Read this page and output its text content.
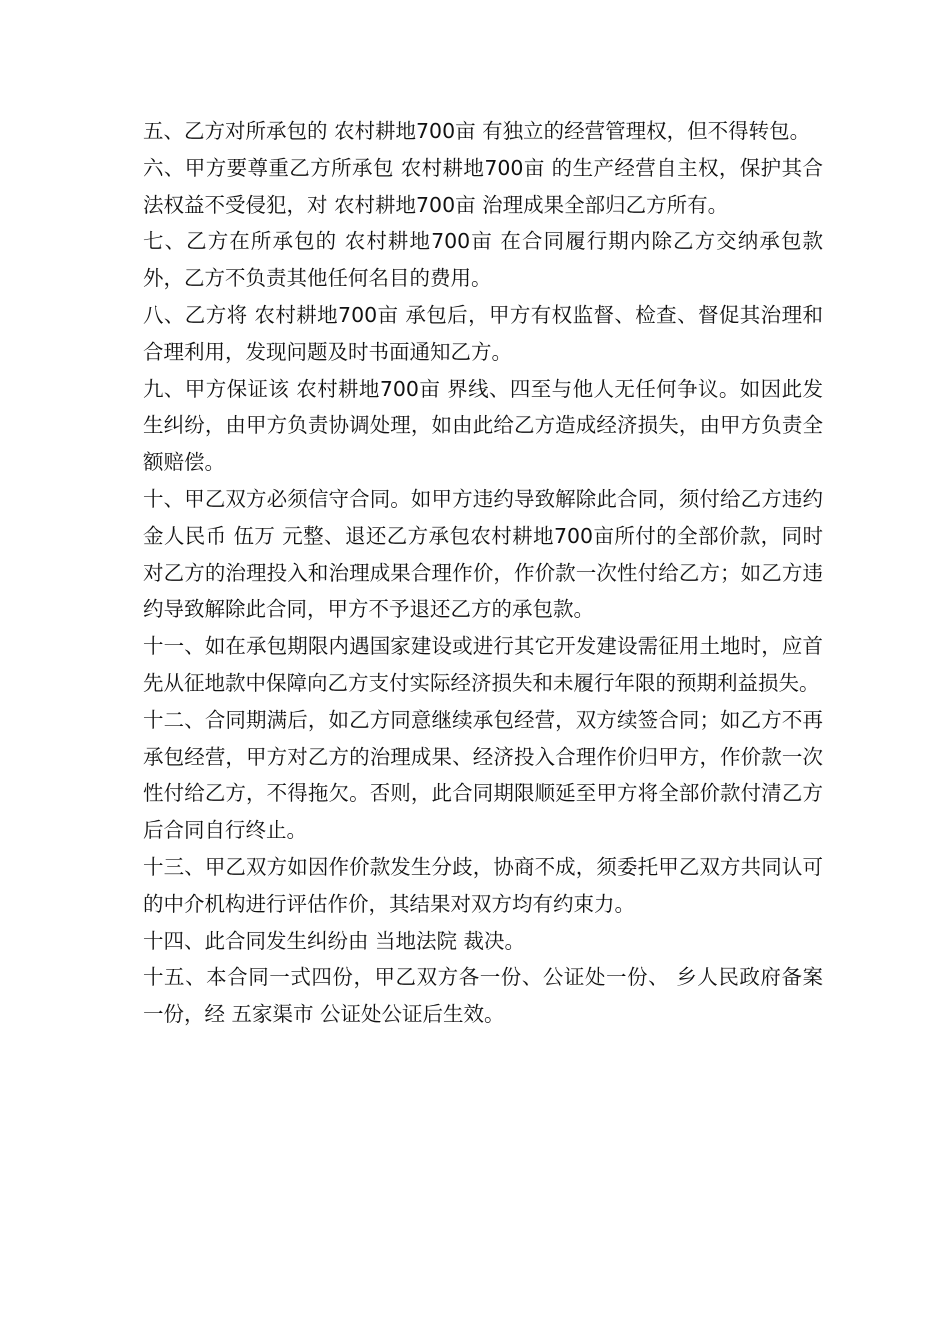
五、乙方对所承包的 农村耕地700亩 有独立的经营管理权，但不得转包。

六、甲方要尊重乙方所承包 农村耕地700亩 的生产经营自主权，保护其合法权益不受侵犯，对 农村耕地700亩 治理成果全部归乙方所有。

七、乙方在所承包的 农村耕地700亩 在合同履行期内除乙方交纳承包款外，乙方不负责其他任何名目的费用。

八、乙方将 农村耕地700亩 承包后，甲方有权监督、检查、督促其治理和合理利用，发现问题及时书面通知乙方。

九、甲方保证该 农村耕地700亩 界线、四至与他人无任何争议。如因此发生纠纷，由甲方负责协调处理，如由此给乙方造成经济损失，由甲方负责全额赔偿。

十、甲乙双方必须信守合同。如甲方违约导致解除此合同，须付给乙方违约金人民币 伍万 元整、退还乙方承包农村耕地700亩所付的全部价款，同时对乙方的治理投入和治理成果合理作价，作价款一次性付给乙方；如乙方违约导致解除此合同，甲方不予退还乙方的承包款。

十一、如在承包期限内遇国家建设或进行其它开发建设需征用土地时，应首先从征地款中保障向乙方支付实际经济损失和未履行年限的预期利益损失。

十二、合同期满后，如乙方同意继续承包经营，双方续签合同；如乙方不再承包经营，甲方对乙方的治理成果、经济投入合理作价归甲方，作价款一次性付给乙方，不得拖欠。否则，此合同期限顺延至甲方将全部价款付清乙方后合同自行终止。

十三、甲乙双方如因作价款发生分歧，协商不成，须委托甲乙双方共同认可的中介机构进行评估作价，其结果对双方均有约束力。

十四、此合同发生纠纷由 当地法院 裁决。

十五、本合同一式四份，甲乙双方各一份、公证处一份、 乡人民政府备案一份，经 五家渠市 公证处公证后生效。
